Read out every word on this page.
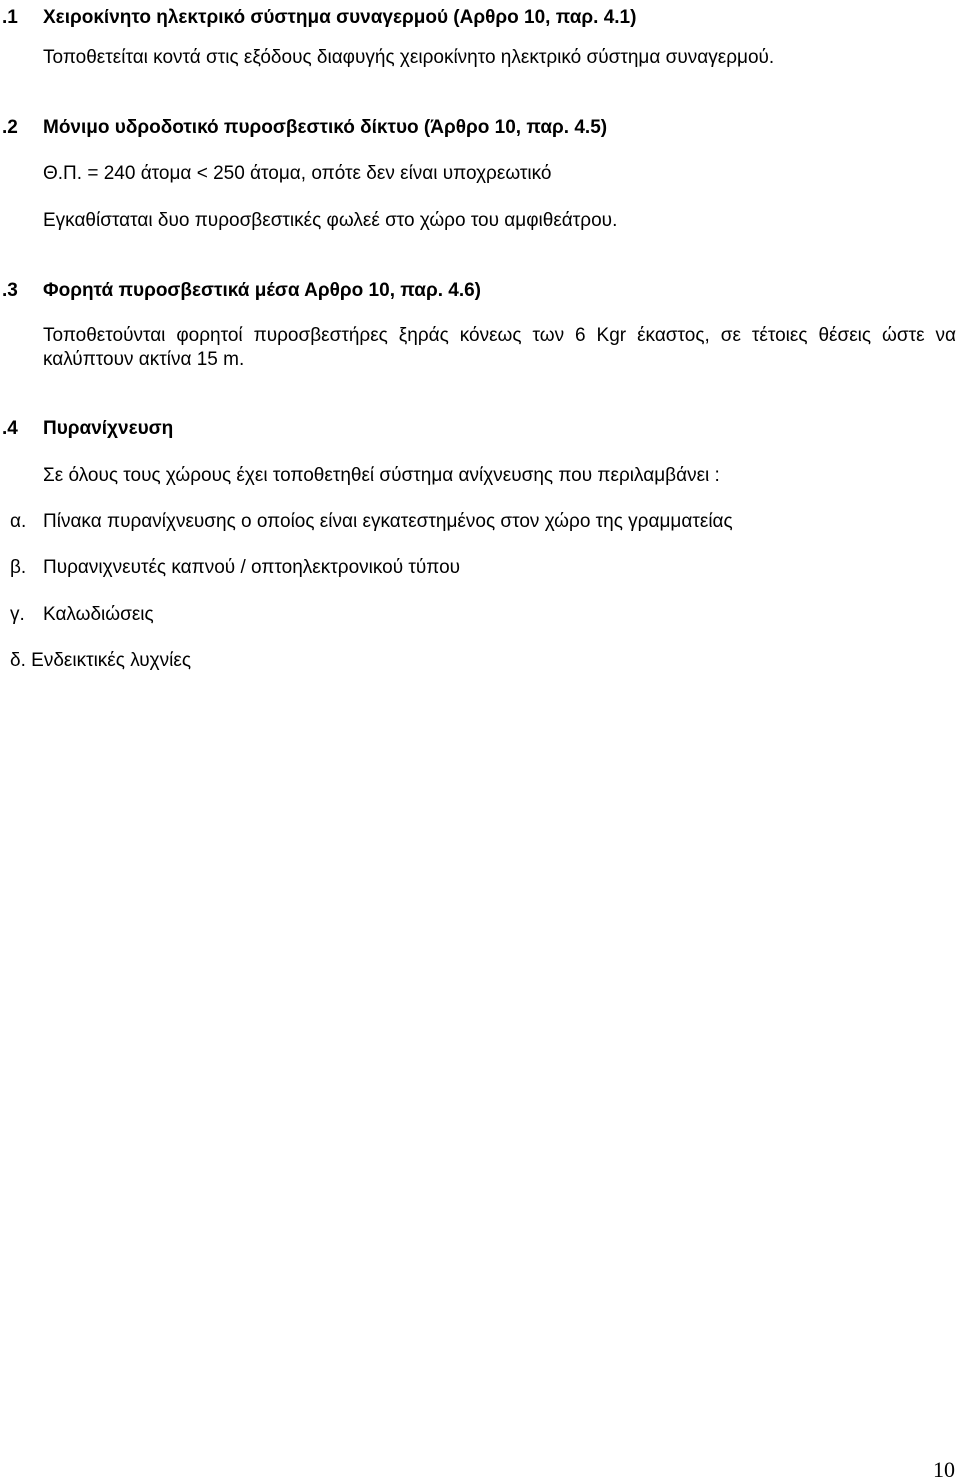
.1 Χειροκίνητο ηλεκτρικό σύστημα συναγερμού (Αρθρο 10, παρ. 4.1)
Τοποθετείται κοντά στις εξόδους διαφυγής χειροκίνητο ηλεκτρικό σύστημα συναγερμού.
.2 Μόνιμο υδροδοτικό πυροσβεστικό δίκτυο (Άρθρο 10, παρ. 4.5)
Θ.Π. = 240 άτομα < 250 άτομα, οπότε δεν είναι υποχρεωτικό
Εγκαθίσταται δυο πυροσβεστικές φωλεέ στο χώρο του αμφιθεάτρου.
.3 Φορητά πυροσβεστικά μέσα Αρθρο 10, παρ. 4.6)
Τοποθετούνται φορητοί πυροσβεστήρες ξηράς κόνεως των 6 Kgr έκαστος, σε τέτοιες θέσεις ώστε να
καλύπτουν ακτίνα 15 m.
.4 Πυρανίχνευση
Σε όλους τους χώρους έχει τοποθετηθεί σύστημα ανίχνευσης που περιλαμβάνει :
α. Πίνακα πυρανίχνευσης ο οποίος είναι εγκατεστημένος στον χώρο της γραμματείας
β. Πυρανιχνευτές καπνού / οπτοηλεκτρονικού τύπου
γ. Καλωδιώσεις
δ. Ενδεικτικές λυχνίες
10
